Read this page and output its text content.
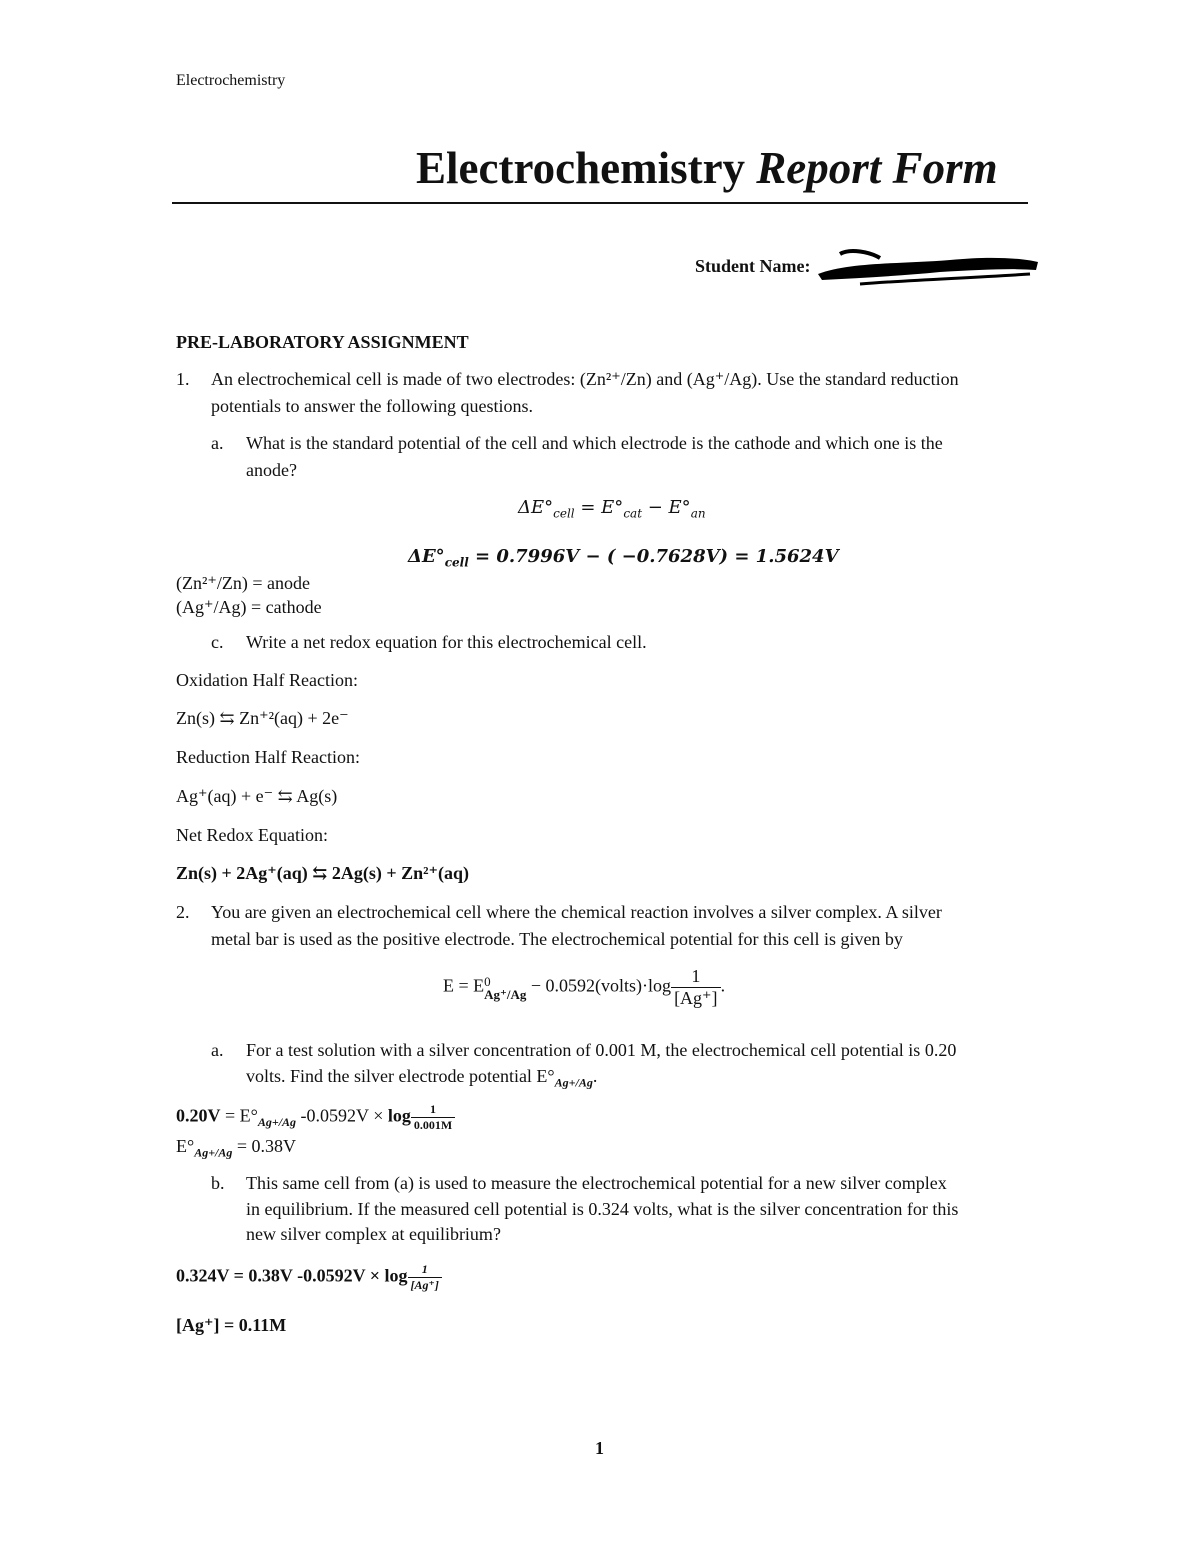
Electrochemistry
Electrochemistry Report Form
Student Name:
PRE-LABORATORY ASSIGNMENT
1. An electrochemical cell is made of two electrodes: (Zn²⁺/Zn) and (Ag⁺/Ag). Use the standard reduction
potentials to answer the following questions.
a. What is the standard potential of the cell and which electrode is the cathode and which one is the
anode?
$\Delta E^\circ_{cell} = E^\circ_{cat} - E^\circ_{an}$
$\Delta E^\circ_{cell} = 0.7996V$ − ( −0.7628V) = 1.5624V
(Zn²⁺/Zn) = anode
(Ag⁺/Ag) = cathode
c. Write a net redox equation for this electrochemical cell.
Oxidation Half Reaction:
Zn(s) ⇆ Zn⁺²(aq) + 2e⁻
Reduction Half Reaction:
Ag⁺(aq) + e⁻ ⇆ Ag(s)
Net Redox Equation:
Zn(s) + 2Ag⁺(aq) ⇆ 2Ag(s) + Zn²⁺(aq)
2. You are given an electrochemical cell where the chemical reaction involves a silver complex. A silver
metal bar is used as the positive electrode. The electrochemical potential for this cell is given by
E = E 0
Ag⁺/Ag − 0.0592(volts)·log $\frac{1}{[Ag^+]}$ .
a. For a test solution with a silver concentration of 0.001 M, the electrochemical cell potential is 0.20
volts. Find the silver electrode potential $E^\circ_{Ag+/Ag}$.
$0.20V = E^\circ_{Ag+/Ag}$ $-0.0592V \times \log \frac{1}{0.001M}$
$E^\circ_{Ag+/Ag} = 0.38V$
b. This same cell from (a) is used to measure the electrochemical potential for a new silver complex
in equilibrium. If the measured cell potential is 0.324 volts, what is the silver concentration for this
new silver complex at equilibrium?
0.324V = 0.38V $-0.0592V \times \log \frac{1}{[Ag^+]}$
[Ag⁺] = 0.11M
1
